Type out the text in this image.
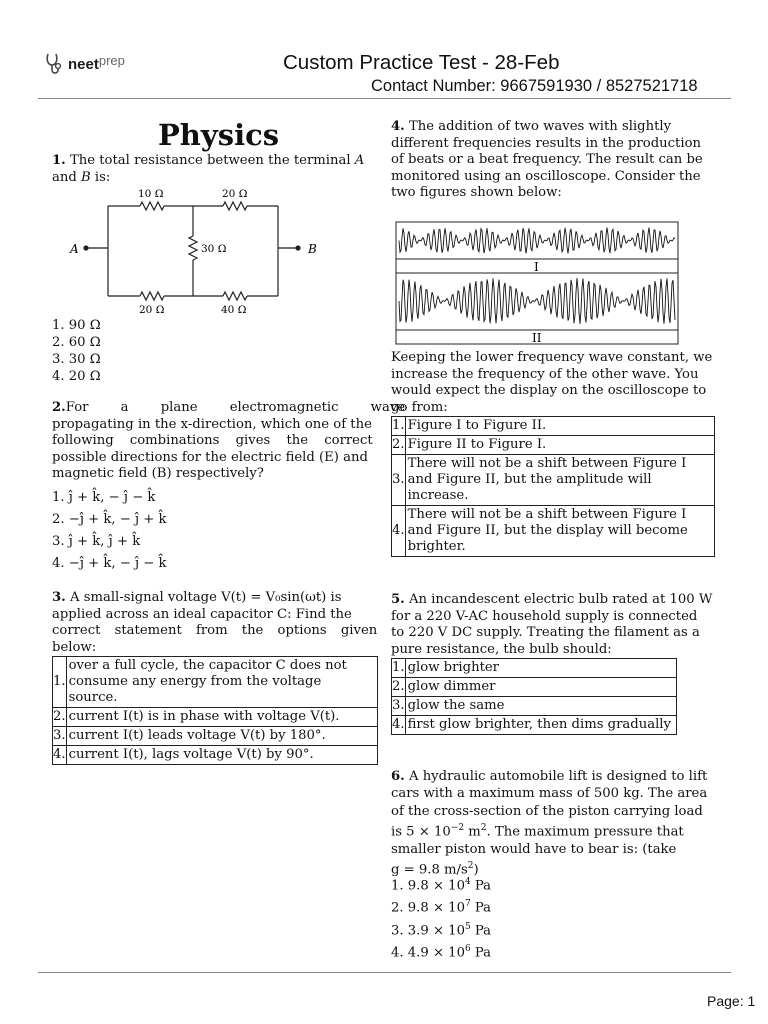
neet prep	Custom Practice Test - 28-Feb
Contact Number: 9667591930 / 8527521718
Physics
1. The total resistance between the terminal A
and B is:
10 Ω	20 Ω
30 Ω
20 Ω	40 Ω
A	B
1. 90 Ω
2. 60 Ω
3. 30 Ω
4. 20 Ω
2. For a plane electromagnetic wave
propagating in the x-direction, which one of the
following combinations gives the correct
possible directions for the electric field (E) and
magnetic field (B) respectively?
1. ĵ + k̂, − ĵ − k̂
2. −ĵ + k̂, − ĵ + k̂
3. ĵ + k̂, ĵ + k̂
4. −ĵ + k̂, − ĵ − k̂
3. A small-signal voltage V(t) = V₀sin(ωt) is
applied across an ideal capacitor C: Find the
correct statement from the options given
below:
1.	over a full cycle, the capacitor C does not
consume any energy from the voltage
source.

2.	current I(t) is in phase with voltage V(t).
3.	current I(t) leads voltage V(t) by 180°.
4.	current I(t), lags voltage V(t) by 90°.
4. The addition of two waves with slightly
different frequencies results in the production
of beats or a beat frequency. The result can be
monitored using an oscilloscope. Consider the
two figures shown below:
I
II
Keeping the lower frequency wave constant, we
increase the frequency of the other wave. You
would expect the display on the oscilloscope to
go from:
1.	Figure I to Figure II.
2.	Figure II to Figure I.
3.	There will not be a shift between Figure I
and Figure II, but the amplitude will
increase.

4.	There will not be a shift between Figure I
and Figure II, but the display will become
brighter.
5. An incandescent electric bulb rated at 100 W
for a 220 V-AC household supply is connected
to 220 V DC supply. Treating the filament as a
pure resistance, the bulb should:
1.	glow brighter
2.	glow dimmer
3.	glow the same
4.	first glow brighter, then dims gradually
6. A hydraulic automobile lift is designed to lift
cars with a maximum mass of 500 kg. The area
of the cross-section of the piston carrying load
is $5 \times 10^{-2}$ $m^2$. The maximum pressure that
smaller piston would have to bear is: (take
g = 9.8 $m/s^2$)
1. $9.8 \times 10^4$ Pa
2. $9.8 \times 10^7$ Pa
3. $3.9 \times 10^5$ Pa
4. $4.9 \times 10^6$ Pa
Page: 1
